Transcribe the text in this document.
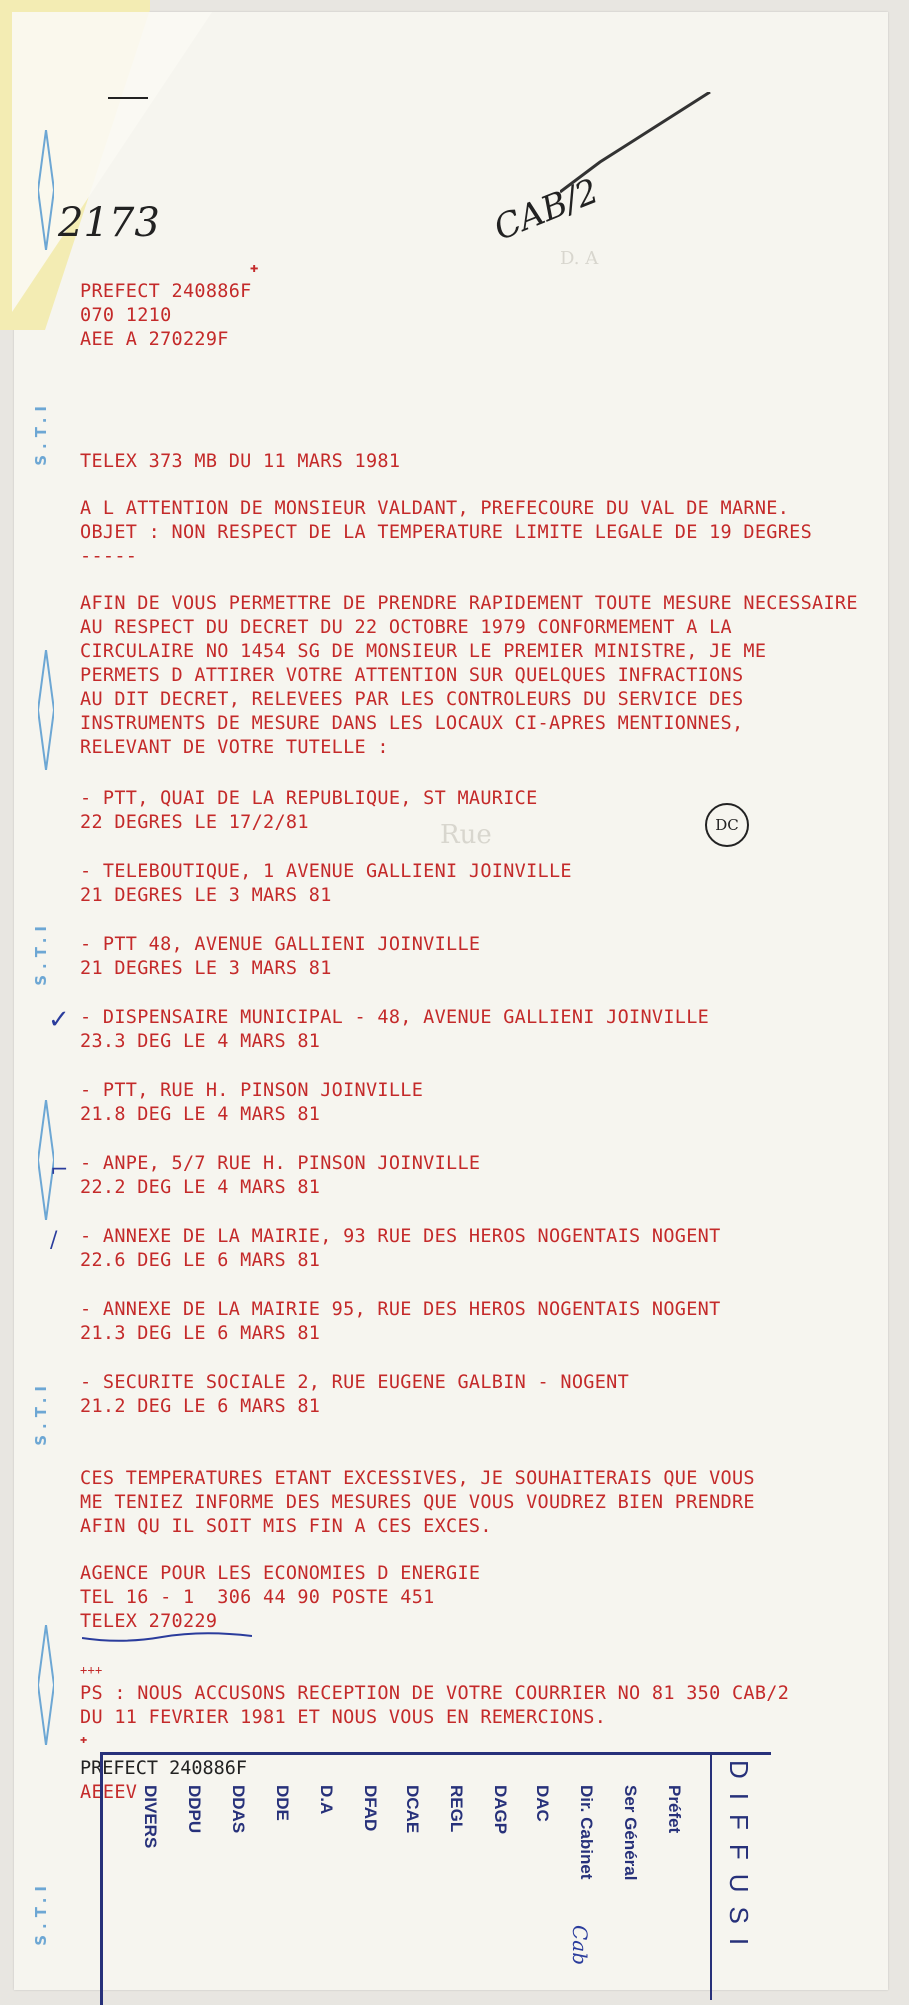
D. A
Rue
2173	CAB/2
DC
✚
S.T.I
S.T.I
S.T.I
S.T.I
PREFECT 240886F
070 1210
AEE A 270229F
TELEX 373 MB DU 11 MARS 1981
A L ATTENTION DE MONSIEUR VALDANT, PREFECOURE DU VAL DE MARNE.
OBJET : NON RESPECT DE LA TEMPERATURE LIMITE LEGALE DE 19 DEGRES
-----
AFIN DE VOUS PERMETTRE DE PRENDRE RAPIDEMENT TOUTE MESURE NECESSAIRE
AU RESPECT DU DECRET DU 22 OCTOBRE 1979 CONFORMEMENT A LA
CIRCULAIRE NO 1454 SG DE MONSIEUR LE PREMIER MINISTRE, JE ME
PERMETS D ATTIRER VOTRE ATTENTION SUR QUELQUES INFRACTIONS
AU DIT DECRET, RELEVEES PAR LES CONTROLEURS DU SERVICE DES
INSTRUMENTS DE MESURE DANS LES LOCAUX CI-APRES MENTIONNES,
RELEVANT DE VOTRE TUTELLE :
- PTT, QUAI DE LA REPUBLIQUE, ST MAURICE
22 DEGRES LE 17/2/81
- TELEBOUTIQUE, 1 AVENUE GALLIENI JOINVILLE
21 DEGRES LE 3 MARS 81
- PTT 48, AVENUE GALLIENI JOINVILLE
21 DEGRES LE 3 MARS 81
- DISPENSAIRE MUNICIPAL - 48, AVENUE GALLIENI JOINVILLE
23.3 DEG LE 4 MARS 81
- PTT, RUE H. PINSON JOINVILLE
21.8 DEG LE 4 MARS 81
- ANPE, 5/7 RUE H. PINSON JOINVILLE
22.2 DEG LE 4 MARS 81
- ANNEXE DE LA MAIRIE, 93 RUE DES HEROS NOGENTAIS NOGENT
22.6 DEG LE 6 MARS 81
- ANNEXE DE LA MAIRIE 95, RUE DES HEROS NOGENTAIS NOGENT
21.3 DEG LE 6 MARS 81
- SECURITE SOCIALE 2, RUE EUGENE GALBIN - NOGENT
21.2 DEG LE 6 MARS 81
✓
⌐
/
CES TEMPERATURES ETANT EXCESSIVES, JE SOUHAITERAIS QUE VOUS
ME TENIEZ INFORME DES MESURES QUE VOUS VOUDREZ BIEN PRENDRE
AFIN QU IL SOIT MIS FIN A CES EXCES.
AGENCE POUR LES ECONOMIES D ENERGIE
TEL 16 - 1  306 44 90 POSTE 451
TELEX 270229
+++
PS : NOUS ACCUSONS RECEPTION DE VOTRE COURRIER NO 81 350 CAB/2
DU 11 FEVRIER 1981 ET NOUS VOUS EN REMERCIONS.
✚
PREFECT 240886F
AEEEV	DIFFUSI
Préfet
Ser Général
Dir. Cabinet
DAC
DAGP
REGL
DCAE
DFAD
D.A
DDE
DDAS
DDPU
DIVERS
Cab
